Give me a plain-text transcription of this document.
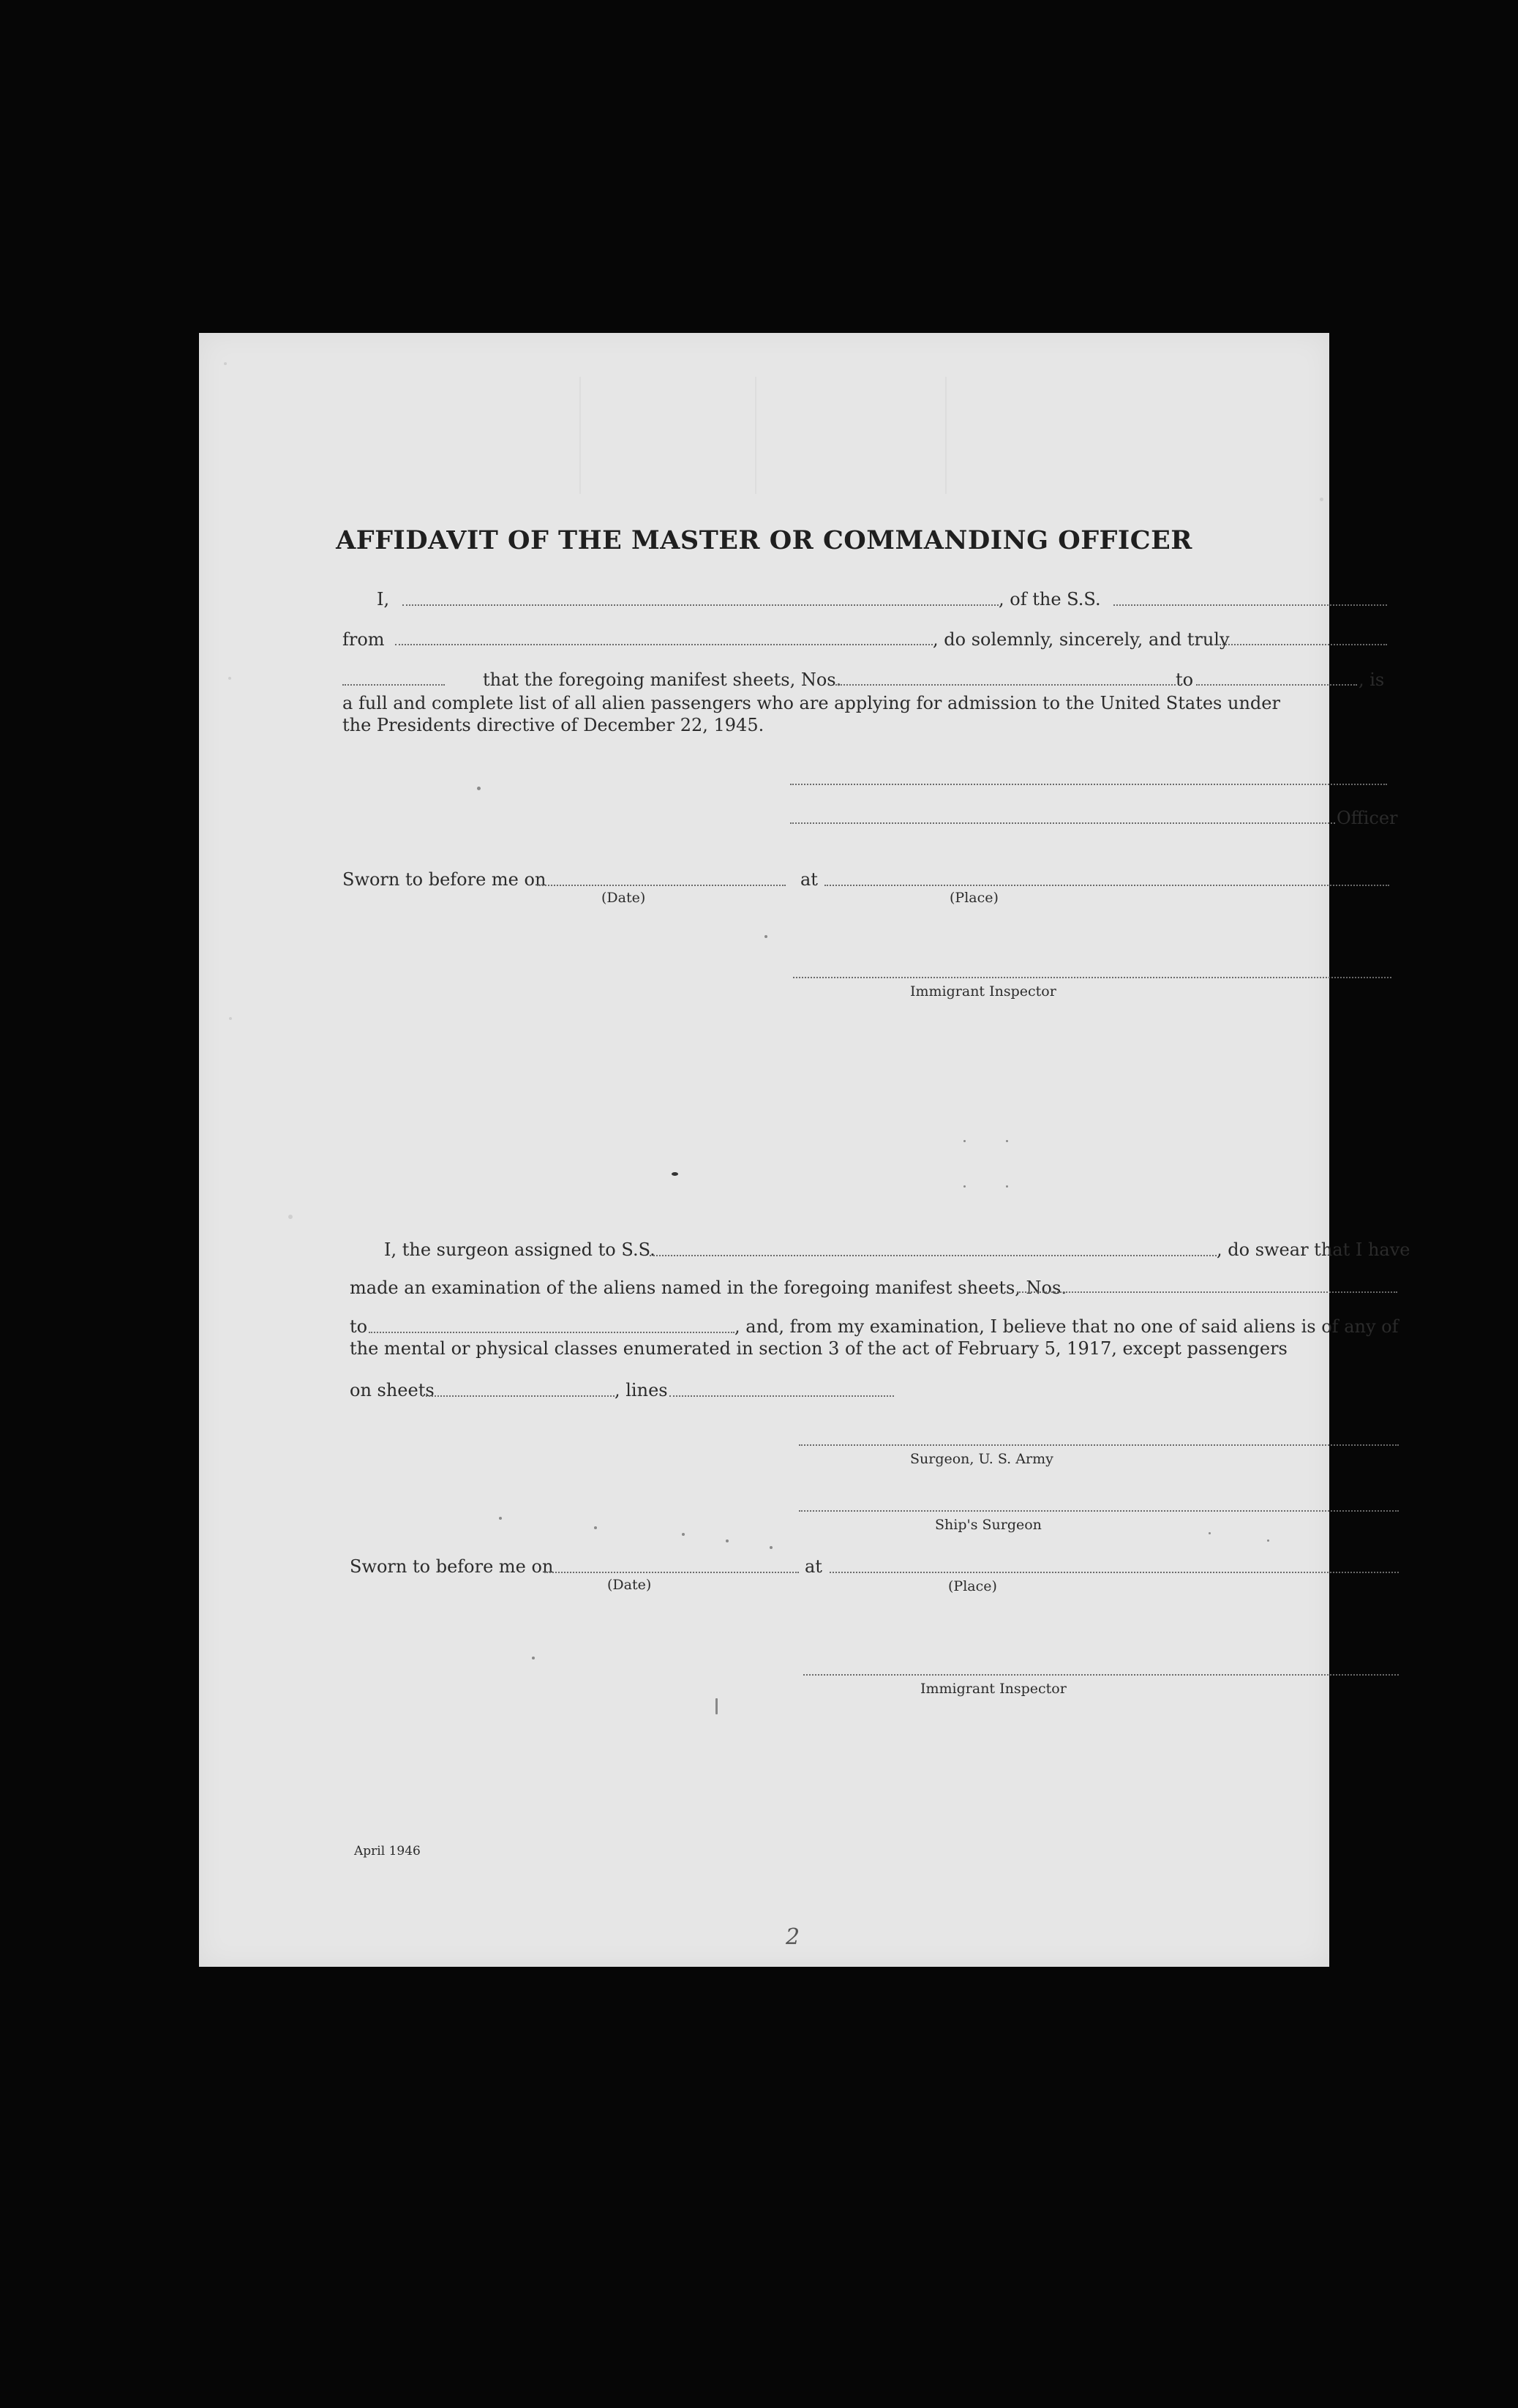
AFFIDAVIT OF THE MASTER OR COMMANDING OFFICER
I,	, of the S.S.
from	, do solemnly, sincerely, and truly
that the foregoing manifest sheets, Nos.	to	, is
a full and complete list of all alien passengers who are applying for admission to the United States under
the Presidents directive of December 22, 1945.
Officer
Sworn to before me on	at
(Date)	(Place)
Immigrant Inspector
I, the surgeon assigned to S.S.	, do swear that I have
made an examination of the aliens named in the foregoing manifest sheets, Nos.
to	, and, from my examination, I believe that no one of said aliens is of any of
the mental or physical classes enumerated in section 3 of the act of February 5, 1917, except passengers
on sheets	, lines
Surgeon, U. S. Army
Ship's Surgeon
Sworn to before me on	at
(Date)	(Place)
Immigrant Inspector
April 1946
2
